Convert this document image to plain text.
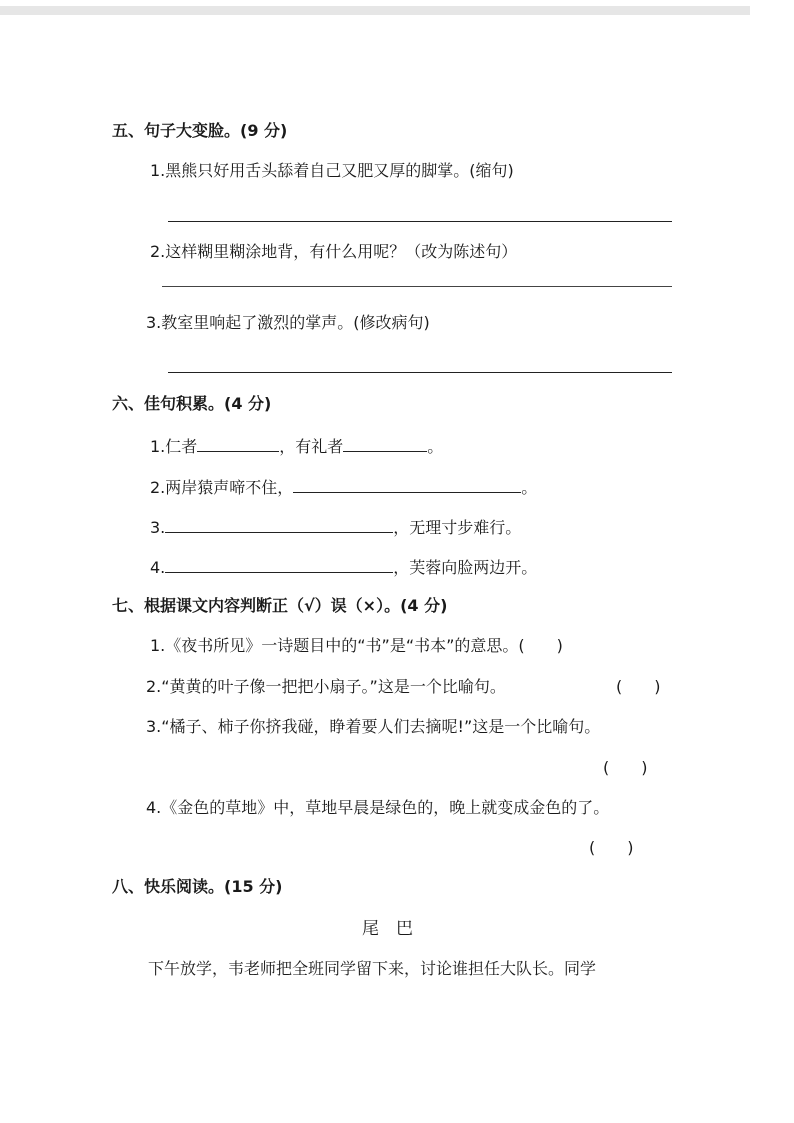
五、句子大变脸。(9 分)
1.黑熊只好用舌头舔着自己又肥又厚的脚掌。(缩句)
2.这样糊里糊涂地背，有什么用呢？（改为陈述句）
3.教室里响起了激烈的掌声。(修改病句)
六、佳句积累。(4 分)
1.仁者	，有礼者	。
2.两岸猿声啼不住，	。
3.	，无理寸步难行。
4.	，芙蓉向脸两边开。
七、根据课文内容判断正（√）误（×）。(4 分)
1.《夜书所见》一诗题目中的“书”是“书本”的意思。(　　)
2.“黄黄的叶子像一把把小扇子。”这是一个比喻句。	(　　)
3.“橘子、柿子你挤我碰，睁着要人们去摘呢!”这是一个比喻句。
(　　)
4.《金色的草地》中，草地早晨是绿色的，晚上就变成金色的了。
(　　)
八、快乐阅读。(15 分)
尾　巴
下午放学，韦老师把全班同学留下来，讨论谁担任大队长。同学
